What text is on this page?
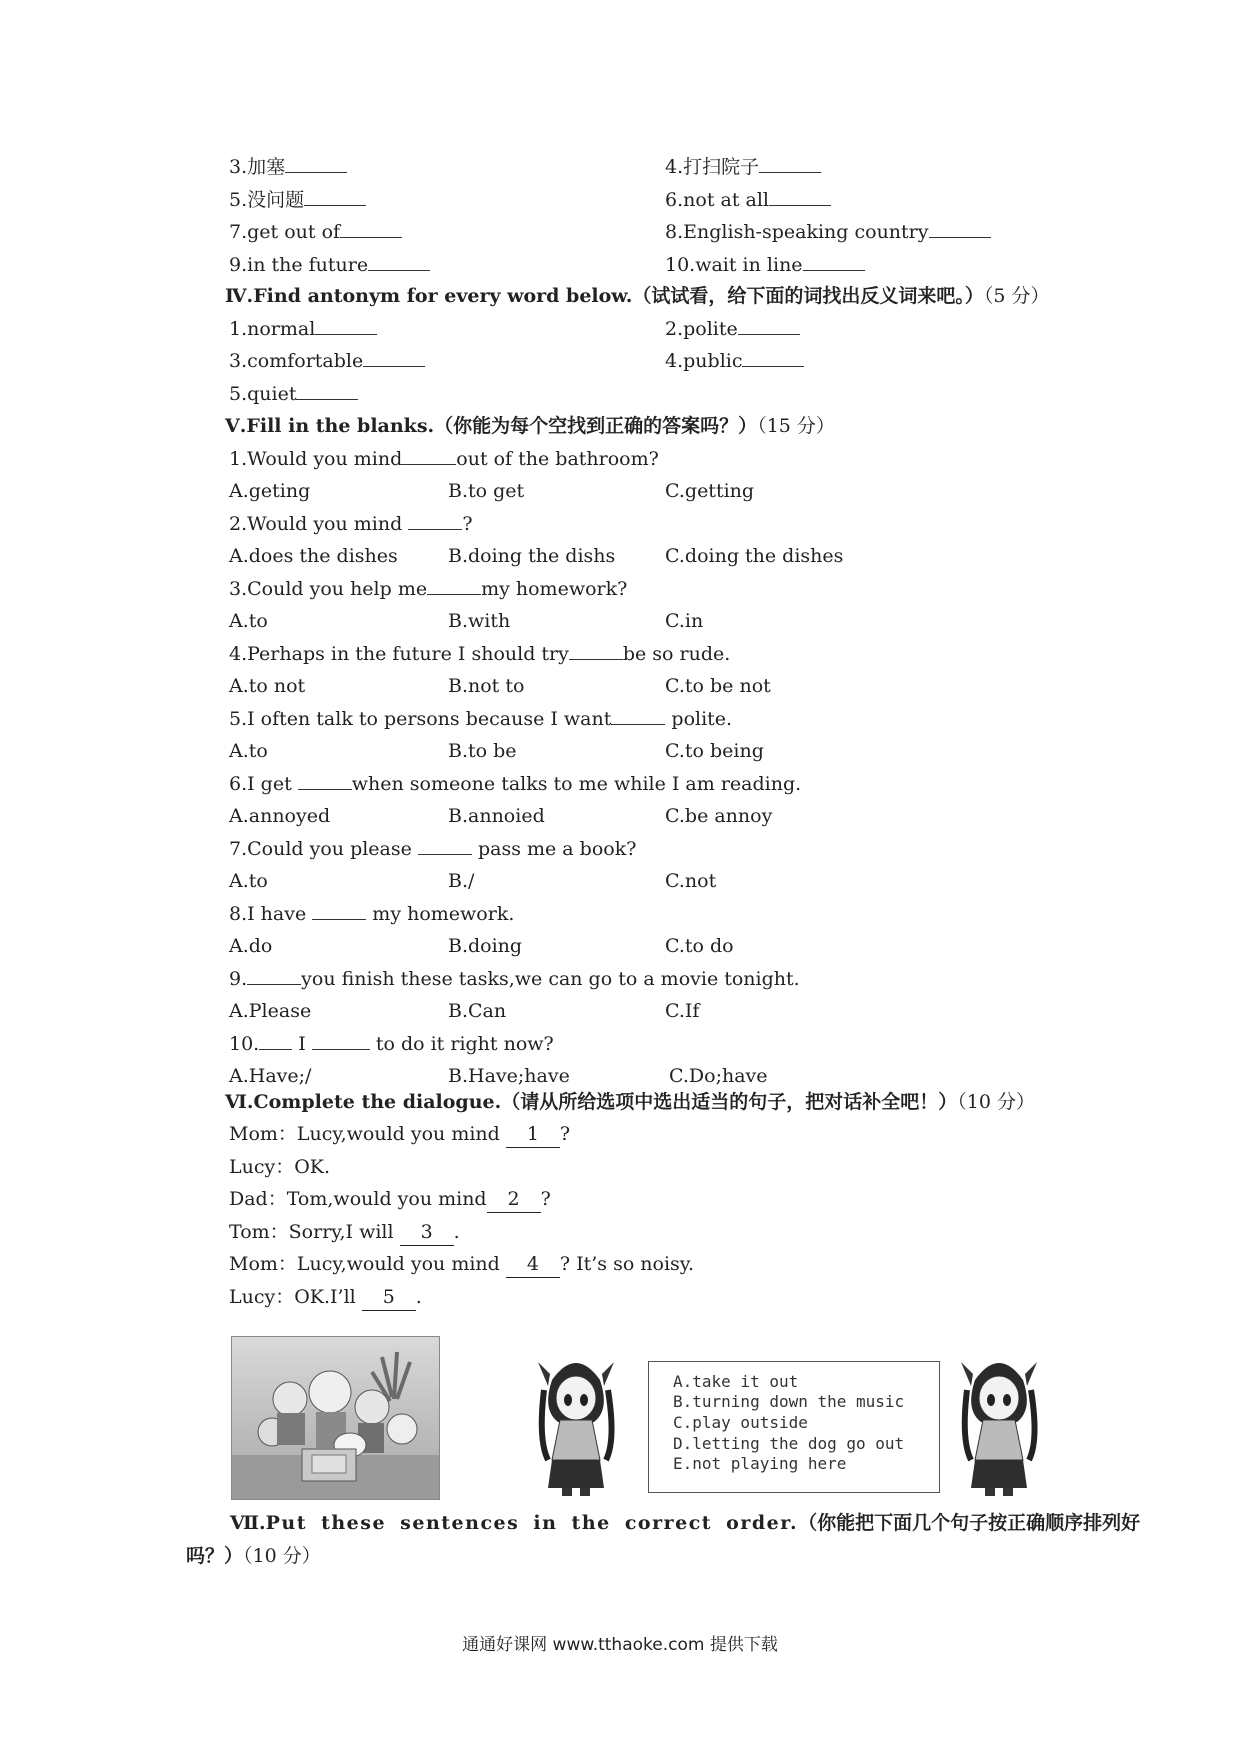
3.加塞	4.打扫院子
5.没问题	6.not at all
7.get out of	8.English-speaking country
9.in the future	10.wait in line
Ⅳ.Find antonym for every word below.（试试看，给下面的词找出反义词来吧。）（5 分）
1.normal	2.polite
3.comfortable	4.public
5.quiet
Ⅴ.Fill in the blanks.（你能为每个空找到正确的答案吗？）（15 分）
1.Would you mind	out of the bathroom?
A.geting	B.to get	C.getting
2.Would you mind	?
A.does the dishes	B.doing the dishs	C.doing the dishes
3.Could you help me	my homework?
A.to	B.with	C.in
4.Perhaps in the future I should try	be so rude.
A.to not	B.not to	C.to be not
5.I often talk to persons because I want	polite.
A.to	B.to be	C.to being
6.I get	when someone talks to me while I am reading.
A.annoyed	B.annoied	C.be annoy
7.Could you please	pass me a book?
A.to	B./	C.not
8.I have	my homework.
A.do	B.doing	C.to do
9.	you finish these tasks,we can go to a movie tonight.
A.Please	B.Can	C.If
10. I	to do it right now?
A.Have;/	B.Have;have	C.Do;have
Ⅵ.Complete the dialogue.（请从所给选项中选出适当的句子，把对话补全吧！）（10 分）
Mom：Lucy,would you mind 1 ?
Lucy：OK.
Dad：Tom,would you mind 2 ?
Tom：Sorry,I will 3 .
Mom：Lucy,would you mind 4 ? It’s so noisy.
Lucy：OK.I’ll 5 .
A.take it out
B.turning down the music
C.play outside
D.letting the dog go out
E.not playing here
Ⅶ.Put these sentences in the correct order.（你能把下面几个句子按正确顺序排列好
吗？）（10 分）
通通好课网 www.tthaoke.com 提供下载
